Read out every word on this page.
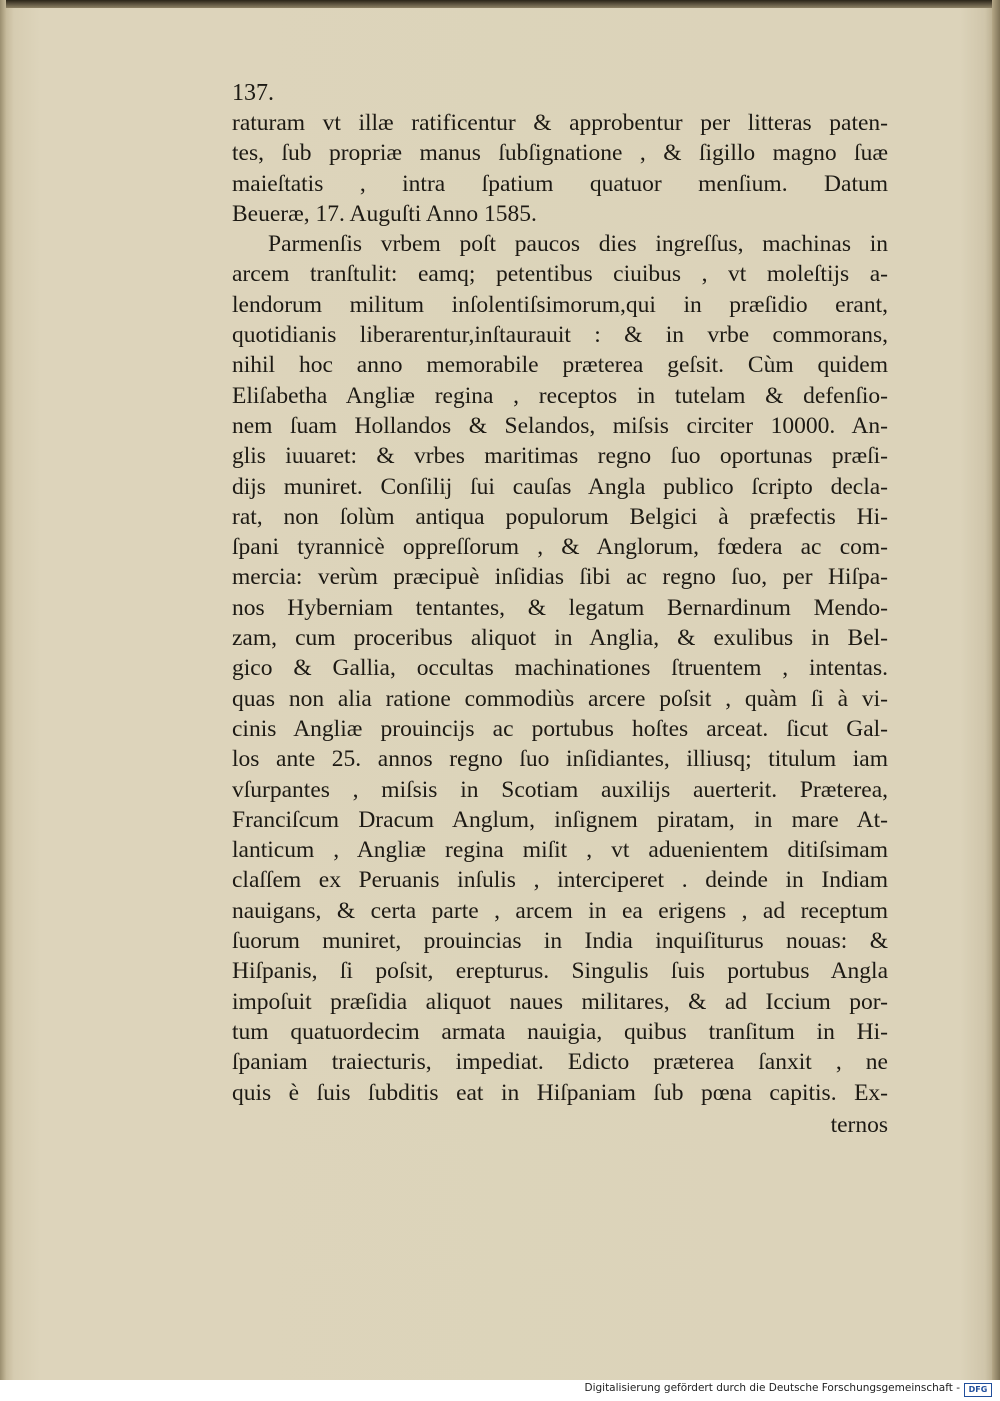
137.
raturam vt illæ ratificentur & approbentur per litteras paten-
tes, ſub propriæ manus ſubſignatione , & ſigillo magno ſuæ
maieſtatis , intra ſpatium quatuor menſium. Datum
Beueræ, 17. Auguſti Anno 1585.
Parmenſis vrbem poſt paucos dies ingreſſus, machinas in
arcem tranſtulit: eamq; petentibus ciuibus , vt moleſtijs a-
lendorum militum inſolentiſsimorum,qui in præſidio erant,
quotidianis liberarentur,inſtaurauit : & in vrbe commorans,
nihil hoc anno memorabile præterea geſsit. Cùm quidem
Eliſabetha Angliæ regina , receptos in tutelam & defenſio-
nem ſuam Hollandos & Selandos, miſsis circiter 10000. An-
glis iuuaret: & vrbes maritimas regno ſuo oportunas præſi-
dijs muniret. Conſilij ſui cauſas Angla publico ſcripto decla-
rat, non ſolùm antiqua populorum Belgici à præfectis Hi-
ſpani tyrannicè oppreſſorum , & Anglorum, fœdera ac com-
mercia: verùm præcipuè inſidias ſibi ac regno ſuo, per Hiſpa-
nos Hyberniam tentantes, & legatum Bernardinum Mendo-
zam, cum proceribus aliquot in Anglia, & exulibus in Bel-
gico & Gallia, occultas machinationes ſtruentem , intentas.
quas non alia ratione commodiùs arcere poſsit , quàm ſi à vi-
cinis Angliæ prouincijs ac portubus hoſtes arceat. ſicut Gal-
los ante 25. annos regno ſuo inſidiantes, illiusq; titulum iam
vſurpantes , miſsis in Scotiam auxilijs auerterit. Præterea,
Franciſcum Dracum Anglum, inſignem piratam, in mare At-
lanticum , Angliæ regina miſit , vt aduenientem ditiſsimam
claſſem ex Peruanis inſulis , interciperet . deinde in Indiam
nauigans, & certa parte , arcem in ea erigens , ad receptum
ſuorum muniret, prouincias in India inquiſiturus nouas: &
Hiſpanis, ſi poſsit, erepturus. Singulis ſuis portubus Angla
impoſuit præſidia aliquot naues militares, & ad Iccium por-
tum quatuordecim armata nauigia, quibus tranſitum in Hi-
ſpaniam traiecturis, impediat. Edicto præterea ſanxit , ne
quis è ſuis ſubditis eat in Hiſpaniam ſub pœna capitis. Ex-
ternos
Digitalisierung gefördert durch die Deutsche Forschungsgemeinschaft -	DFG
